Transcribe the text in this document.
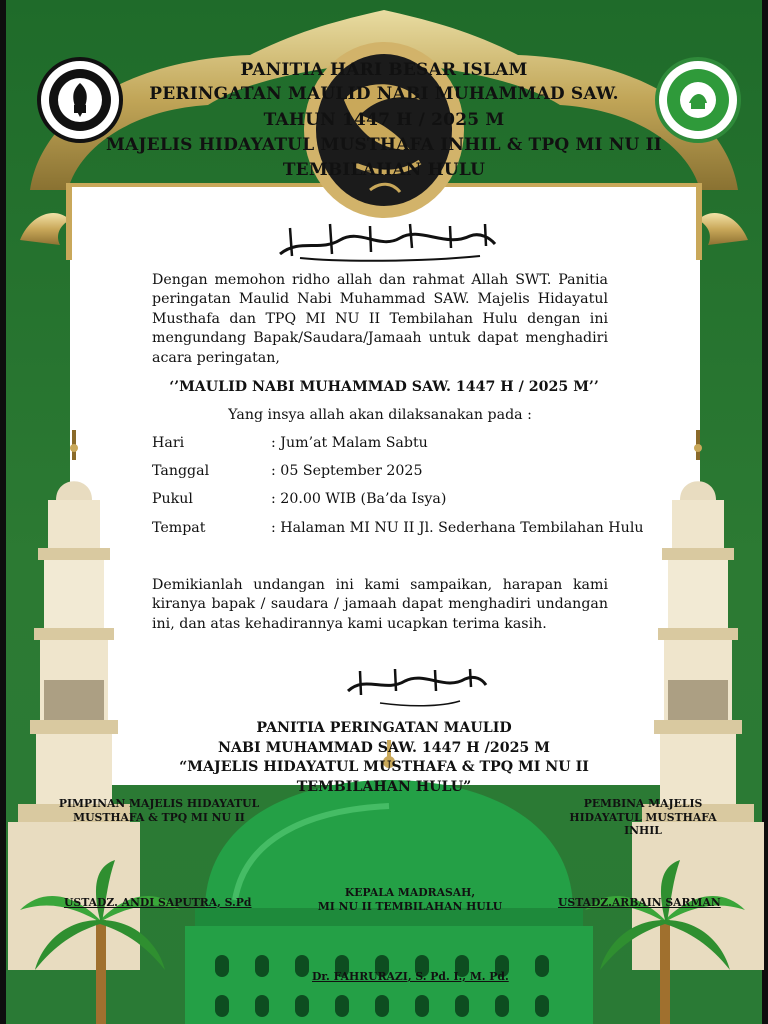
PANITIA HARI BESAR ISLAM
PERINGATAN MAULID NABI MUHAMMAD SAW.
TAHUN 1447 H / 2025 M
MAJELIS HIDAYATUL MUSTHAFA INHIL & TPQ MI NU II
TEMBILAHAN HULU

Dengan memohon ridho allah dan rahmat Allah SWT. Panitia peringatan Maulid Nabi Muhammad SAW. Majelis Hidayatul Musthafa dan TPQ MI NU II Tembilahan Hulu dengan ini mengundang Bapak/Saudara/Jamaah untuk dapat menghadiri acara peringatan,

‘’MAULID NABI MUHAMMAD SAW. 1447 H / 2025 M’’
Yang insya allah akan dilaksanakan pada :
Hari	: Jum’at Malam Sabtu
Tanggal	: 05 September 2025
Pukul	: 20.00 WIB (Ba’da Isya)
Tempat	: Halaman MI NU II Jl. Sederhana Tembilahan Hulu

Demikianlah undangan ini kami sampaikan, harapan kami kiranya bapak / saudara / jamaah dapat menghadiri undangan ini, dan atas kehadirannya kami ucapkan terima kasih.

PANITIA PERINGATAN MAULID
NABI MUHAMMAD SAW. 1447 H /2025 M
“MAJELIS HIDAYATUL MUSTHAFA & TPQ MI NU II
TEMBILAHAN HULU”
PIMPINAN MAJELIS HIDAYATUL MUSTHAFA & TPQ MI NU II
USTADZ. ANDI SAPUTRA, S.Pd
PEMBINA MAJELIS HIDAYATUL MUSTHAFA INHIL
USTADZ.ARBAIN SARMAN
KEPALA MADRASAH,
MI NU II TEMBILAHAN HULU
Dr. FAHRURAZI, S. Pd. I., M. Pd.
